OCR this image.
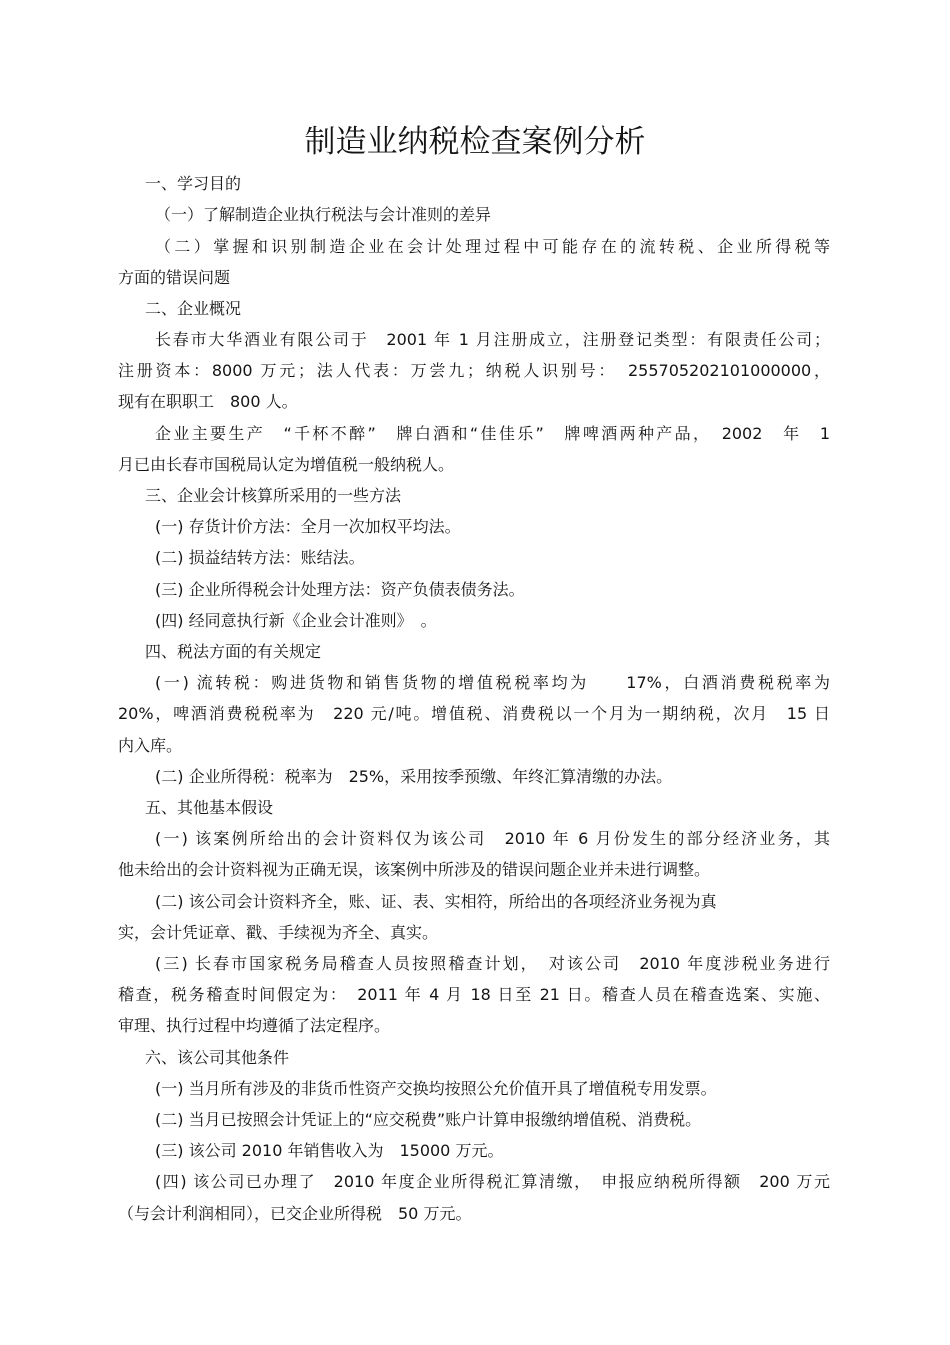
制造业纳税检查案例分析
一、学习目的
（一）了解制造企业执行税法与会计准则的差异
（二）掌握和识别制造企业在会计处理过程中可能存在的流转税、企业所得税等
方面的错误问题
二、企业概况
长春市大华酒业有限公司于　2001 年 1 月注册成立，注册登记类型：有限责任公司；
注册资本：8000 万元；法人代表：万尝九；纳税人识别号：　255705202101000000，
现有在职职工　800 人。
企业主要生产　“千杯不醉”　牌白酒和“佳佳乐”　牌啤酒两种产品，　2002　年　1
月已由长春市国税局认定为增值税一般纳税人。
三、企业会计核算所采用的一些方法
(一) 存货计价方法：全月一次加权平均法。
(二) 损益结转方法：账结法。
(三) 企业所得税会计处理方法：资产负债表债务法。
(四) 经同意执行新《企业会计准则》　。
四、税法方面的有关规定
(一) 流转税：购进货物和销售货物的增值税税率均为　　17%，白酒消费税税率为
20%，啤酒消费税税率为　220 元/吨。增值税、消费税以一个月为一期纳税，次月　15 日
内入库。
(二) 企业所得税：税率为　25%，采用按季预缴、年终汇算清缴的办法。
五、其他基本假设
(一) 该案例所给出的会计资料仅为该公司　2010 年 6 月份发生的部分经济业务，其
他未给出的会计资料视为正确无误，该案例中所涉及的错误问题企业并未进行调整。
(二) 该公司会计资料齐全，账、证、表、实相符，所给出的各项经济业务视为真
实，会计凭证章、戳、手续视为齐全、真实。
(三) 长春市国家税务局稽查人员按照稽查计划，　对该公司　2010 年度涉税业务进行
稽查，税务稽查时间假定为：　2011 年 4 月 18 日至 21 日。稽查人员在稽查选案、实施、
审理、执行过程中均遵循了法定程序。
六、该公司其他条件
(一) 当月所有涉及的非货币性资产交换均按照公允价值开具了增值税专用发票。
(二) 当月已按照会计凭证上的“应交税费”账户计算申报缴纳增值税、消费税。
(三) 该公司 2010 年销售收入为　15000 万元。
(四) 该公司已办理了　2010 年度企业所得税汇算清缴，　申报应纳税所得额　200 万元
（与会计利润相同），已交企业所得税　50 万元。
